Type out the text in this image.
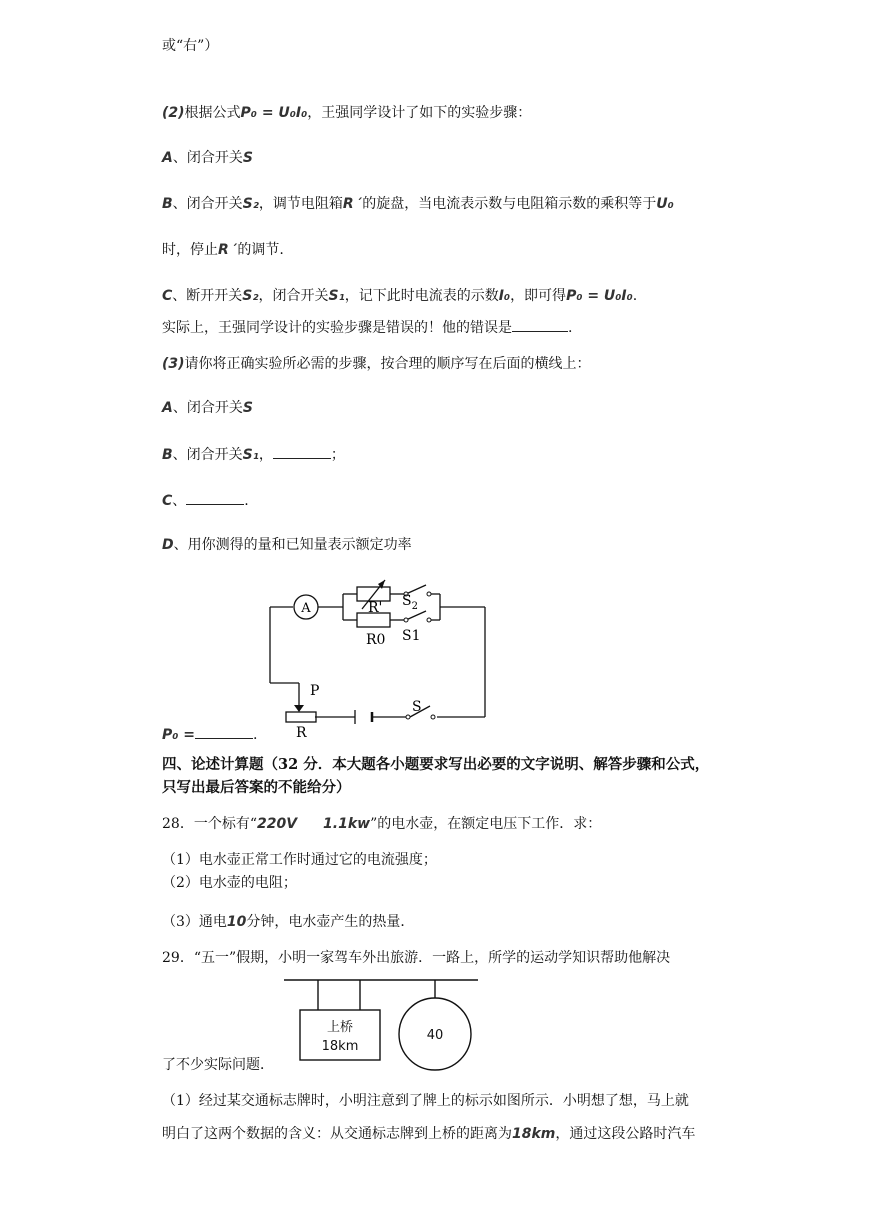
或“右”）
(2)根据公式P₀ = U₀I₀，王强同学设计了如下的实验步骤：
A、闭合开关S
B、闭合开关S₂，调节电阻箱R ′的旋盘，当电流表示数与电阻箱示数的乘积等于U₀
时，停止R ′的调节.
C、断开开关S₂，闭合开关S₁，记下此时电流表的示数I₀，即可得P₀ = U₀I₀.
实际上，王强同学设计的实验步骤是错误的！他的错误是	.
(3)请你将正确实验所必需的步骤，按合理的顺序写在后面的横线上：
A、闭合开关S
B、闭合开关S₁，	；
C、	.
D、用你测得的量和已知量表示额定功率
A	R' $S_2$
R0 S1
P
R
S
P₀ =	.
四、论述计算题（32 分．本大题各小题要求写出必要的文字说明、解答步骤和公式，
只写出最后答案的不能给分）
28．一个标有“220V 1.1kw”的电水壶，在额定电压下工作．求：
（1）电水壶正常工作时通过它的电流强度；
（2）电水壶的电阻；
（3）通电10分钟，电水壶产生的热量．
29．“五一”假期，小明一家驾车外出旅游．一路上，所学的运动学知识帮助他解决
上桥
18km
40
了不少实际问题．
（1）经过某交通标志牌时，小明注意到了牌上的标示如图所示．小明想了想，马上就
明白了这两个数据的含义：从交通标志牌到上桥的距离为18km，通过这段公路时汽车
